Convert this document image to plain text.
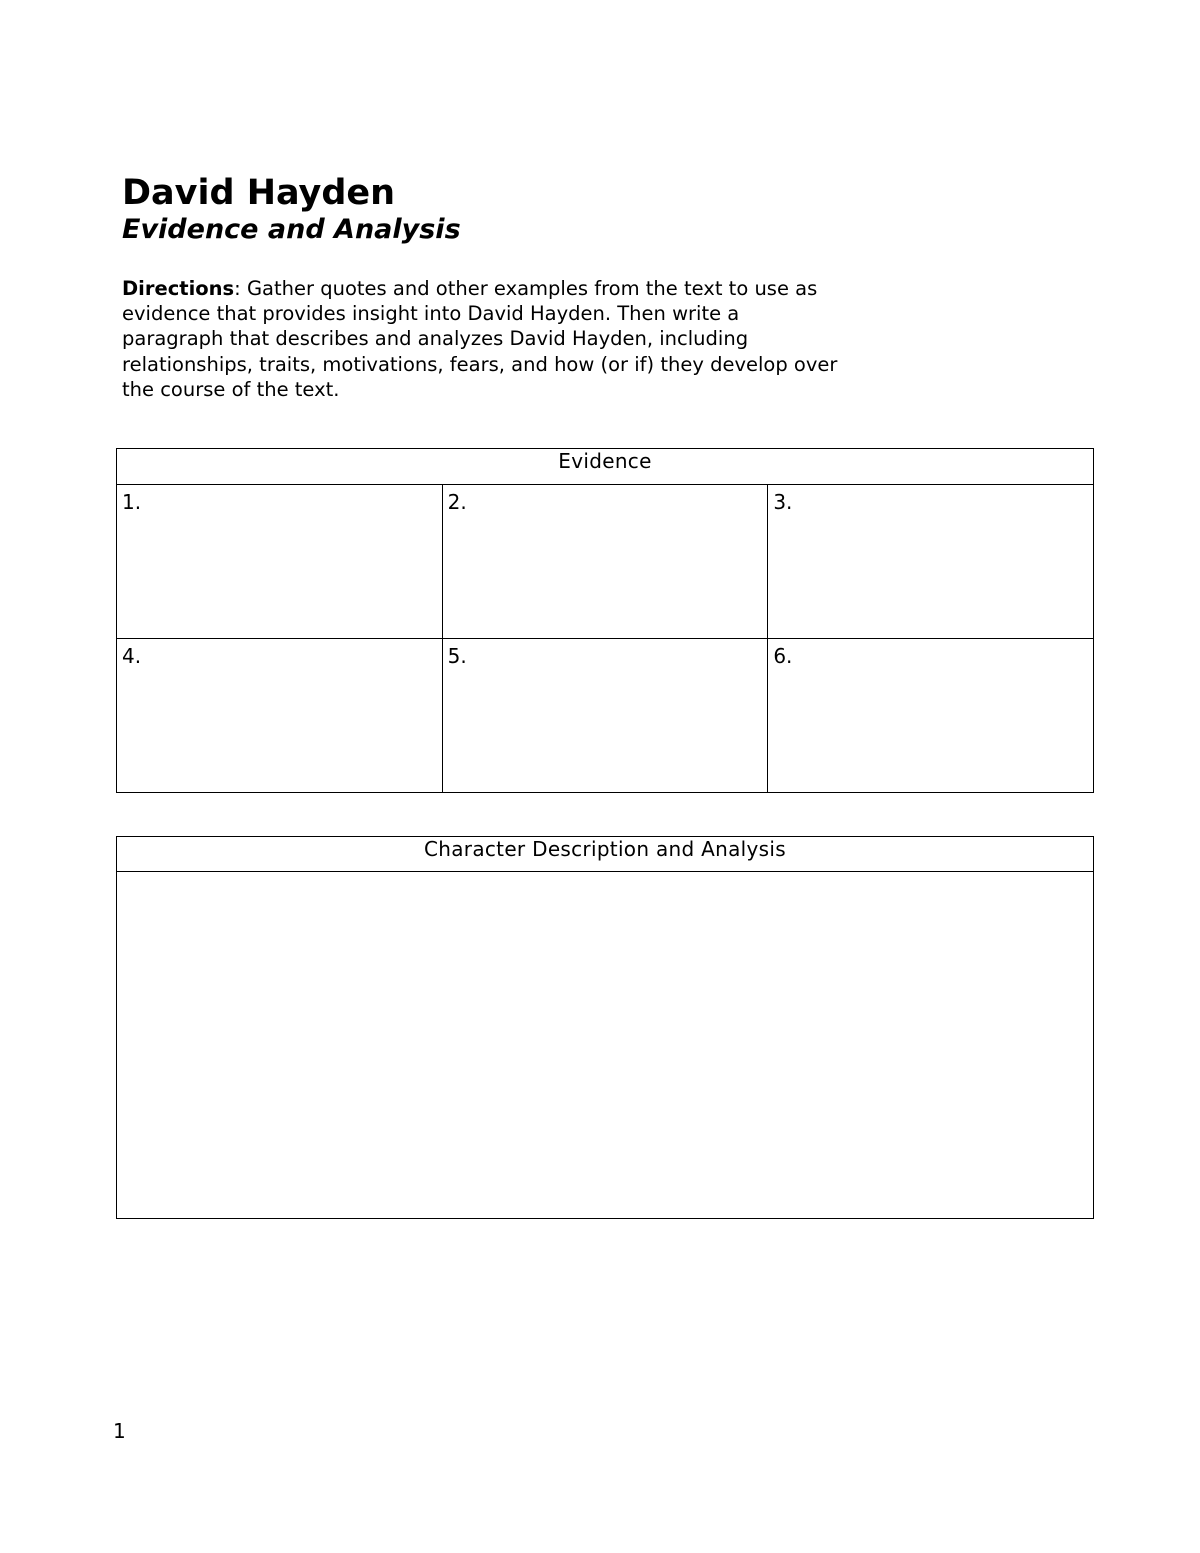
David Hayden
Evidence and Analysis

Directions: Gather quotes and other examples from the text to use as
evidence that provides insight into David Hayden. Then write a
paragraph that describes and analyzes David Hayden, including
relationships, traits, motivations, fears, and how (or if) they develop over
the course of the text.

Evidence		

1.	2.	3.

4.	5.	6.
Character Description and Analysis

1
